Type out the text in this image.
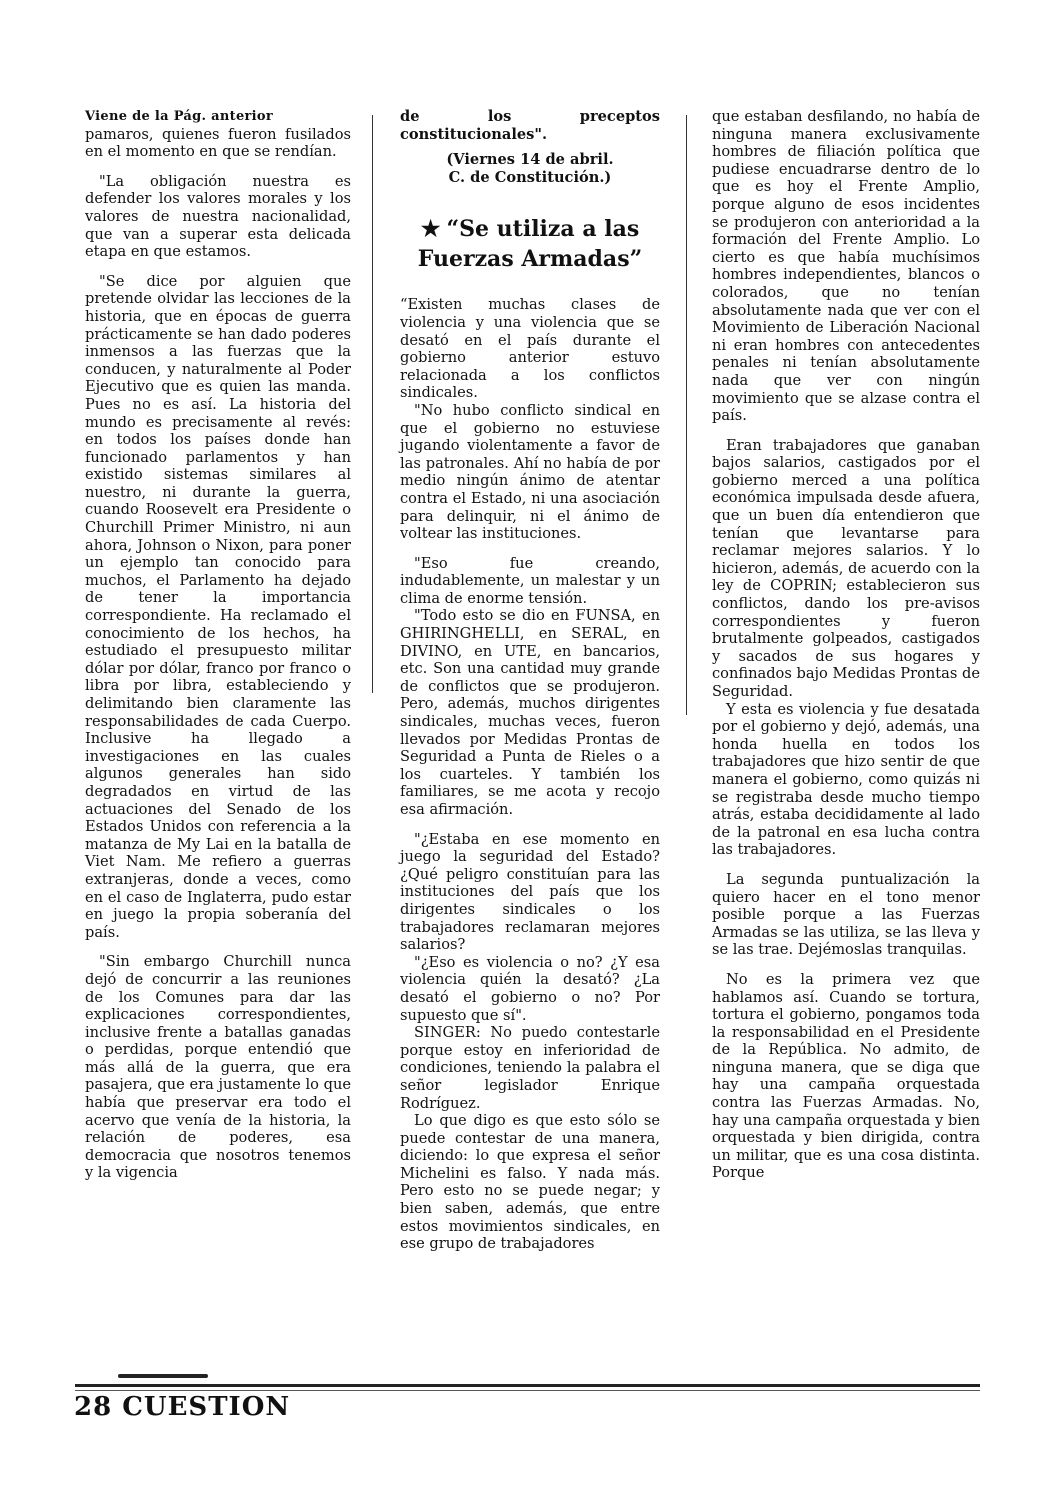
Viene de la Pág. anterior

pamaros, quienes fueron fusilados en el momento en que se rendían.

"La obligación nuestra es defender los valores morales y los valores de nuestra nacionalidad, que van a superar esta delicada etapa en que estamos.

"Se dice por alguien que pretende olvidar las lecciones de la historia, que en épocas de guerra prácticamente se han dado poderes inmensos a las fuerzas que la conducen, y naturalmente al Poder Ejecutivo que es quien las manda. Pues no es así. La historia del mundo es precisamente al revés: en todos los países donde han funcionado parlamentos y han existido sistemas similares al nuestro, ni durante la guerra, cuando Roosevelt era Presidente o Churchill Primer Ministro, ni aun ahora, Johnson o Nixon, para poner un ejemplo tan conocido para muchos, el Parlamento ha dejado de tener la importancia correspondiente. Ha reclamado el conocimiento de los hechos, ha estudiado el presupuesto militar dólar por dólar, franco por franco o libra por libra, estableciendo y delimitando bien claramente las responsabilidades de cada Cuerpo. Inclusive ha llegado a investigaciones en las cuales algunos generales han sido degradados en virtud de las actuaciones del Senado de los Estados Unidos con referencia a la matanza de My Lai en la batalla de Viet Nam. Me refiero a guerras extranjeras, donde a veces, como en el caso de Inglaterra, pudo estar en juego la propia soberanía del país.

"Sin embargo Churchill nunca dejó de concurrir a las reuniones de los Comunes para dar las explicaciones correspondientes, inclusive frente a batallas ganadas o perdidas, porque entendió que más allá de la guerra, que era pasajera, que era justamente lo que había que preservar era todo el acervo que venía de la historia, la relación de poderes, esa democracia que nosotros tenemos y la vigencia

de los preceptos constitucionales".

(Viernes 14 de abril.

C. de Constitución.)

★ “Se utiliza a las Fuerzas Armadas”

“Existen muchas clases de violencia y una violencia que se desató en el país durante el gobierno anterior estuvo relacionada a los conflictos sindicales.

"No hubo conflicto sindical en que el gobierno no estuviese jugando violentamente a favor de las patronales. Ahí no había de por medio ningún ánimo de atentar contra el Estado, ni una asociación para delinquir, ni el ánimo de voltear las instituciones.

"Eso fue creando, indudablemente, un malestar y un clima de enorme tensión.

"Todo esto se dio en FUNSA, en GHIRINGHELLI, en SERAL, en DIVINO, en UTE, en bancarios, etc. Son una cantidad muy grande de conflictos que se produjeron. Pero, además, muchos dirigentes sindicales, muchas veces, fueron llevados por Medidas Prontas de Seguridad a Punta de Rieles o a los cuarteles. Y también los familiares, se me acota y recojo esa afirmación.

"¿Estaba en ese momento en juego la seguridad del Estado? ¿Qué peligro constituían para las instituciones del país que los dirigentes sindicales o los trabajadores reclamaran mejores salarios?

"¿Eso es violencia o no? ¿Y esa violencia quién la desató? ¿La desató el gobierno o no? Por supuesto que sí".

SINGER: No puedo contestarle porque estoy en inferioridad de condiciones, teniendo la palabra el señor legislador Enrique Rodríguez.

Lo que digo es que esto sólo se puede contestar de una manera, diciendo: lo que expresa el señor Michelini es falso. Y nada más. Pero esto no se puede negar; y bien saben, además, que entre estos movimientos sindicales, en ese grupo de trabajadores

que estaban desfilando, no había de ninguna manera exclusivamente hombres de filiación política que pudiese encuadrarse dentro de lo que es hoy el Frente Amplio, porque alguno de esos incidentes se produjeron con anterioridad a la formación del Frente Amplio. Lo cierto es que había muchísimos hombres independientes, blancos o colorados, que no tenían absolutamente nada que ver con el Movimiento de Liberación Nacional ni eran hombres con antecedentes penales ni tenían absolutamente nada que ver con ningún movimiento que se alzase contra el país.

Eran trabajadores que ganaban bajos salarios, castigados por el gobierno merced a una política económica impulsada desde afuera, que un buen día entendieron que tenían que levantarse para reclamar mejores salarios. Y lo hicieron, además, de acuerdo con la ley de COPRIN; establecieron sus conflictos, dando los pre-avisos correspondientes y fueron brutalmente golpeados, castigados y sacados de sus hogares y confinados bajo Medidas Prontas de Seguridad.

Y esta es violencia y fue desatada por el gobierno y dejó, además, una honda huella en todos los trabajadores que hizo sentir de que manera el gobierno, como quizás ni se registraba desde mucho tiempo atrás, estaba decididamente al lado de la patronal en esa lucha contra las trabajadores.

La segunda puntualización la quiero hacer en el tono menor posible porque a las Fuerzas Armadas se las utiliza, se las lleva y se las trae. Dejémoslas tranquilas.

No es la primera vez que hablamos así. Cuando se tortura, tortura el gobierno, pongamos toda la responsabilidad en el Presidente de la República. No admito, de ninguna manera, que se diga que hay una campaña orquestada contra las Fuerzas Armadas. No, hay una campaña orquestada y bien orquestada y bien dirigida, contra un militar, que es una cosa distinta. Porque

28 CUESTION
